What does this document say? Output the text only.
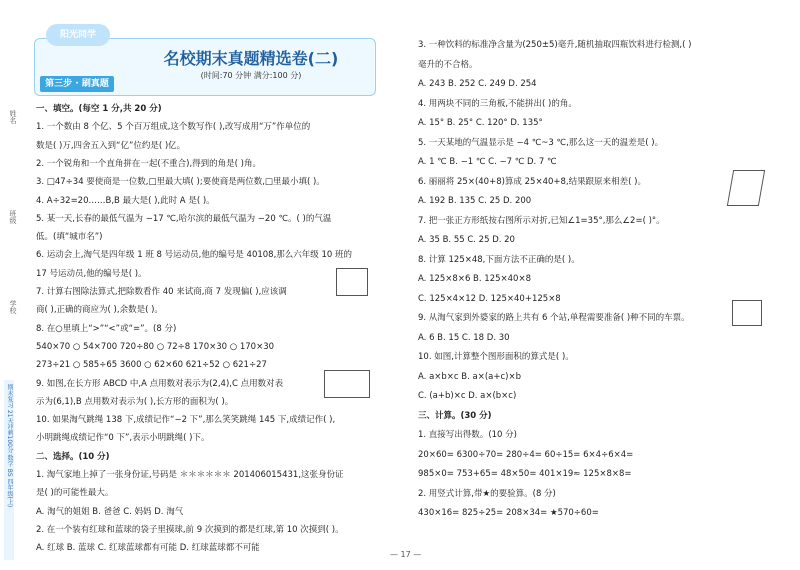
姓名
班级
学校
期末复习 21天冲刺100分 数学 BS 四年级(上)
阳光同学
第三步 · 刷真题
名校期末真题精选卷(二)
(时间:70 分钟 满分:100 分)
一、填空。(每空 1 分,共 20 分)
1. 一个数由 8 个亿、5 个百万组成,这个数写作( ),改写成用“万”作单位的
数是( )万,四舍五入到“亿”位约是( )亿。
2. 一个锐角和一个直角拼在一起(不重合),得到的角是( )角。
3. □47÷34 要使商是一位数,□里最大填( );要使商是两位数,□里最小填( )。
4. A÷32=20……B,B 最大是( ),此时 A 是( )。
5. 某一天,长春的最低气温为 −17 ℃,哈尔滨的最低气温为 −20 ℃。( )的气温
低。(填“城市名”)
6. 运动会上,淘气是四年级 1 班 8 号运动员,他的编号是 40108,那么六年级 10 班的
17 号运动员,他的编号是( )。
7. 计算右图除法算式,把除数看作 40 来试商,商 7 发现偏( ),应该调
商( ),正确的商应为( ),余数是( )。
8. 在○里填上“>”“<”或“=”。(8 分)
540×70 ○ 54×700 720÷80 ○ 72÷8 170×30 ○ 170×30
273÷21 ○ 585÷65 3600 ○ 62×60 621÷52 ○ 621÷27
9. 如图,在长方形 ABCD 中,A 点用数对表示为(2,4),C 点用数对表
示为(6,1),B 点用数对表示为( ),长方形的面积为( )。
10. 如果淘气跳绳 138 下,成绩记作“−2 下”,那么笑笑跳绳 145 下,成绩记作( ),
小明跳绳成绩记作“0 下”,表示小明跳绳( )下。
二、选择。(10 分)
1. 淘气家地上掉了一张身份证,号码是 ＊＊＊＊＊＊ 201406015431,这张身份证
是( )的可能性最大。
A. 淘气的姐姐 B. 爸爸 C. 妈妈 D. 淘气
2. 在一个装有红球和蓝球的袋子里摸球,前 9 次摸到的都是红球,第 10 次摸到( )。
A. 红球 B. 蓝球 C. 红球蓝球都有可能 D. 红球蓝球都不可能
3. 一种饮料的标准净含量为(250±5)毫升,随机抽取四瓶饮料进行检测,( )
毫升的不合格。
A. 243 B. 252 C. 249 D. 254
4. 用两块不同的三角板,不能拼出( )的角。
A. 15° B. 25° C. 120° D. 135°
5. 一天某地的气温显示是 −4 ℃~3 ℃,那么这一天的温差是( )。
A. 1 ℃ B. −1 ℃ C. −7 ℃ D. 7 ℃
6. 丽丽将 25×(40+8)算成 25×40+8,结果跟原来相差( )。
A. 192 B. 135 C. 25 D. 200
7. 把一张正方形纸按右图所示对折,已知∠1=35°,那么∠2=( )°。
A. 35 B. 55 C. 25 D. 20
8. 计算 125×48,下面方法不正确的是( )。
A. 125×8×6 B. 125×40×8
C. 125×4×12 D. 125×40+125×8
9. 从淘气家到外婆家的路上共有 6 个站,单程需要准备( )种不同的车票。
A. 6 B. 15 C. 18 D. 30
10. 如图,计算整个图形面积的算式是( )。
A. a×b×c B. a×(a+c)×b
C. (a+b)×c D. a×(b×c)
三、计算。(30 分)
1. 直接写出得数。(10 分)
20×60= 6300÷70= 280÷4= 60÷15= 6×4÷6×4=
985×0= 753+65= 48×50= 401×19≈ 125×8×8=
2. 用竖式计算,带★的要验算。(8 分)
430×16= 825÷25= 208×34= ★570÷60=
— 17 —
